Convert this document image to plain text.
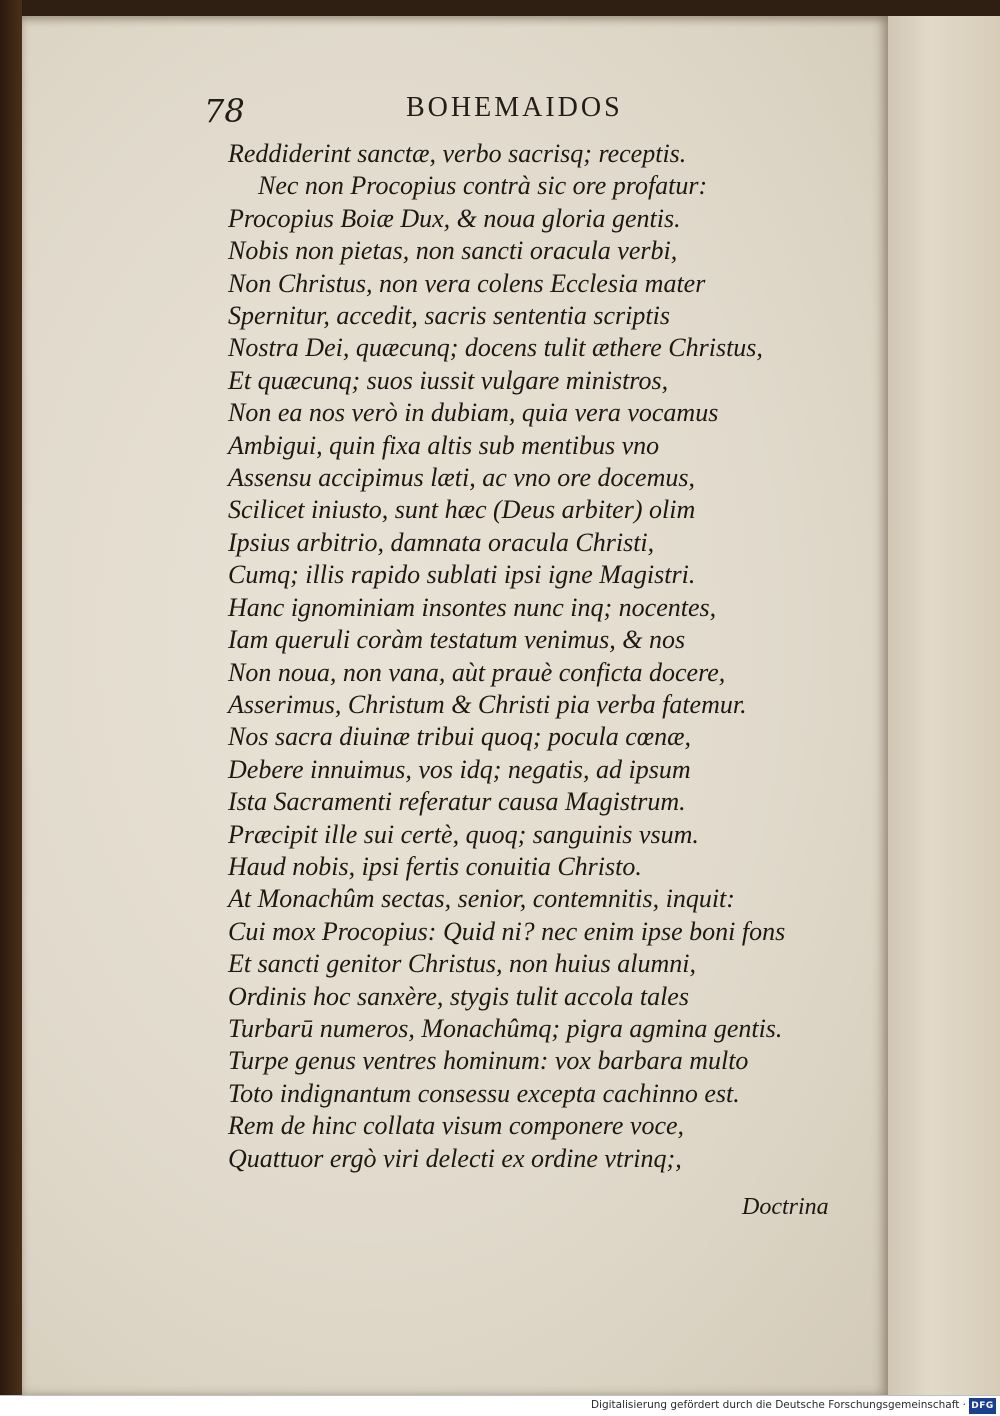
78	BOHEMAIDOS
Reddiderint sanctæ, verbo sacrisq; receptis.
Nec non Procopius contrà sic ore profatur:
Procopius Boiæ Dux, & noua gloria gentis.
Nobis non pietas, non sancti oracula verbi,
Non Christus, non vera colens Ecclesia mater
Spernitur, accedit, sacris sententia scriptis
Nostra Dei, quæcunq; docens tulit æthere Christus,
Et quæcunq; suos iussit vulgare ministros,
Non ea nos verò in dubiam, quia vera vocamus
Ambigui, quin fixa altis sub mentibus vno
Assensu accipimus læti, ac vno ore docemus,
Scilicet iniusto, sunt hæc (Deus arbiter) olim
Ipsius arbitrio, damnata oracula Christi,
Cumq; illis rapido sublati ipsi igne Magistri.
Hanc ignominiam insontes nunc inq; nocentes,
Iam queruli coràm testatum venimus, & nos
Non noua, non vana, aùt prauè conficta docere,
Asserimus, Christum & Christi pia verba fatemur.
Nos sacra diuinæ tribui quoq; pocula cœnæ,
Debere innuimus, vos idq; negatis, ad ipsum
Ista Sacramenti referatur causa Magistrum.
Præcipit ille sui certè, quoq; sanguinis vsum.
Haud nobis, ipsi fertis conuitia Christo.
At Monachûm sectas, senior, contemnitis, inquit:
Cui mox Procopius: Quid ni? nec enim ipse boni fons
Et sancti genitor Christus, non huius alumni,
Ordinis hoc sanxère, stygis tulit accola tales
Turbarū numeros, Monachûmq; pigra agmina gentis.
Turpe genus ventres hominum: vox barbara multo
Toto indignantum consessu excepta cachinno est.
Rem de hinc collata visum componere voce,
Quattuor ergò viri delecti ex ordine vtrinq;,
Doctrina
Digitalisierung gefördert durch die Deutsche Forschungsgemeinschaft · DFG
